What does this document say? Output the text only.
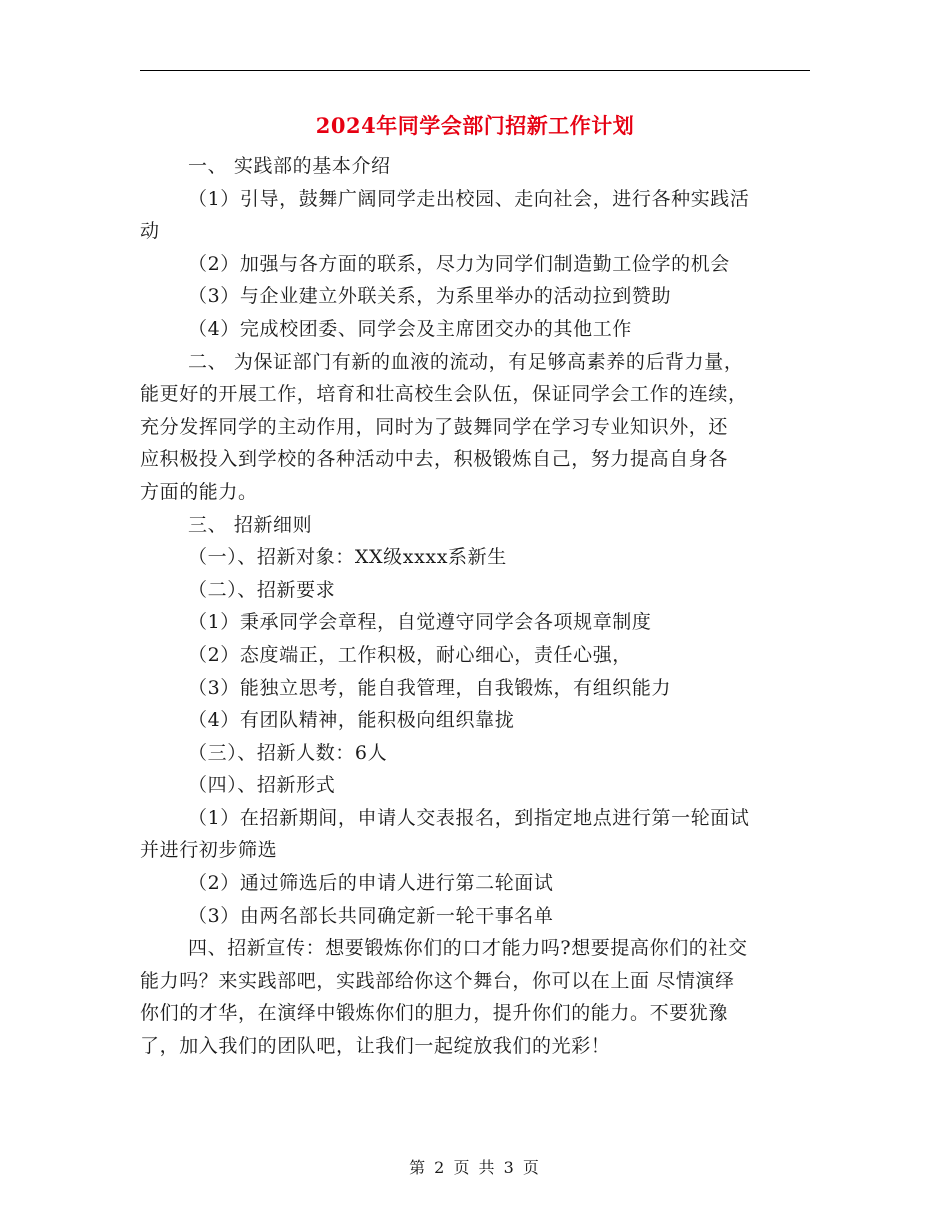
2024年同学会部门招新工作计划
一、 实践部的基本介绍
（1）引导，鼓舞广阔同学走出校园、走向社会，进行各种实践活
动
（2）加强与各方面的联系，尽力为同学们制造勤工俭学的机会
（3）与企业建立外联关系，为系里举办的活动拉到赞助
（4）完成校团委、同学会及主席团交办的其他工作
二、 为保证部门有新的血液的流动，有足够高素养的后背力量，
能更好的开展工作，培育和壮高校生会队伍，保证同学会工作的连续，
充分发挥同学的主动作用，同时为了鼓舞同学在学习专业知识外，还
应积极投入到学校的各种活动中去，积极锻炼自己，努力提高自身各
方面的能力。
三、 招新细则
（一）、招新对象：XX级xxxx系新生
（二）、招新要求
（1）秉承同学会章程，自觉遵守同学会各项规章制度
（2）态度端正，工作积极，耐心细心，责任心强，
（3）能独立思考，能自我管理，自我锻炼，有组织能力
（4）有团队精神，能积极向组织靠拢
（三）、招新人数：6人
（四）、招新形式
（1）在招新期间，申请人交表报名，到指定地点进行第一轮面试
并进行初步筛选
（2）通过筛选后的申请人进行第二轮面试
（3）由两名部长共同确定新一轮干事名单
四、招新宣传：想要锻炼你们的口才能力吗?想要提高你们的社交
能力吗？来实践部吧，实践部给你这个舞台，你可以在上面 尽情演绎
你们的才华，在演绎中锻炼你们的胆力，提升你们的能力。不要犹豫
了，加入我们的团队吧，让我们一起绽放我们的光彩！
第 2 页 共 3 页
